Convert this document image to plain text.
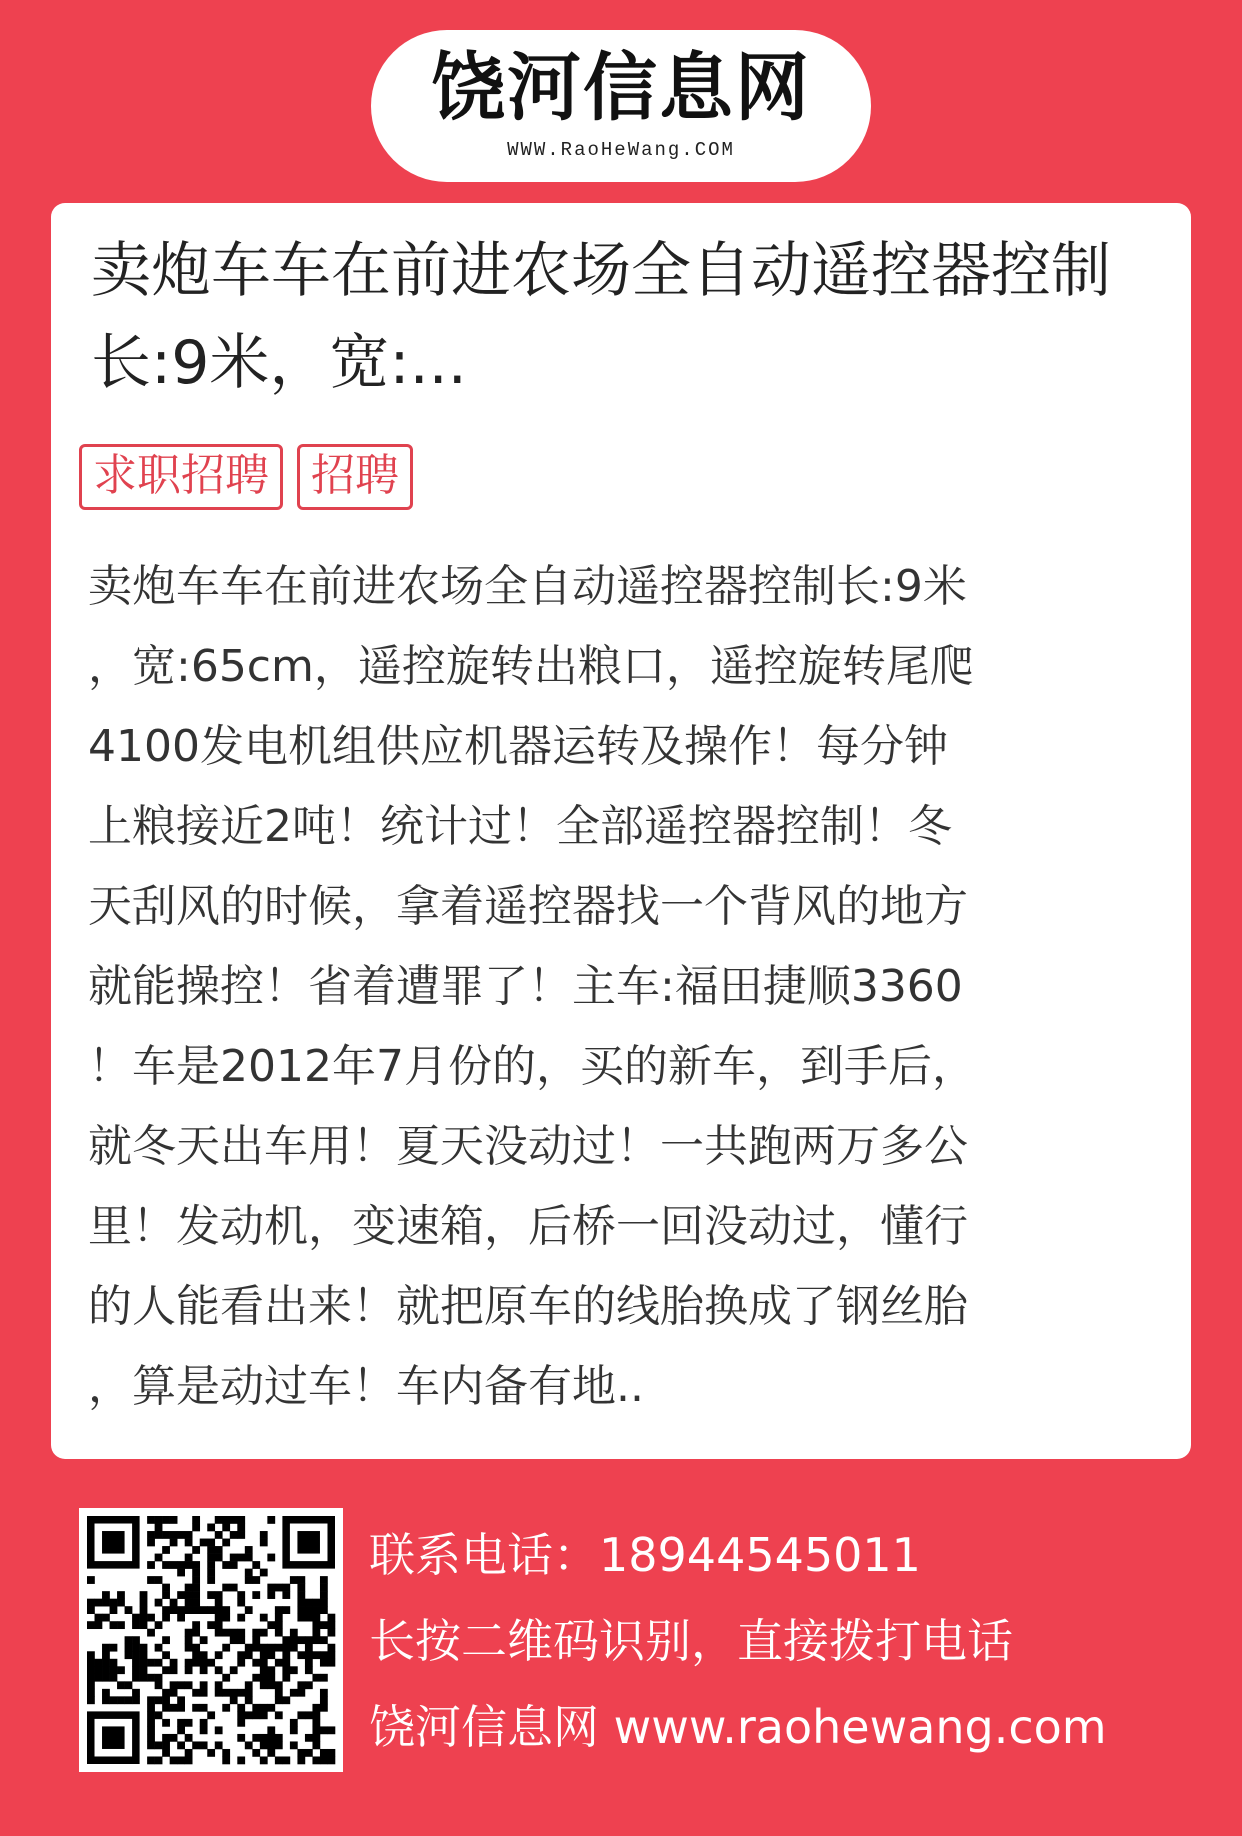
饶河信息网
WWW.RaoHeWang.COM
卖炮车车在前进农场全自动遥控器控制长:9米，宽:...
求职招聘 招聘
卖炮车车在前进农场全自动遥控器控制长:9米
，宽:65cm，遥控旋转出粮口，遥控旋转尾爬
4100发电机组供应机器运转及操作！每分钟
上粮接近2吨！统计过！全部遥控器控制！冬
天刮风的时候，拿着遥控器找一个背风的地方
就能操控！省着遭罪了！主车:福田捷顺3360
！车是2012年7月份的，买的新车，到手后，
就冬天出车用！夏天没动过！一共跑两万多公
里！发动机，变速箱，后桥一回没动过，懂行
的人能看出来！就把原车的线胎换成了钢丝胎
，算是动过车！车内备有地..
联系电话：18944545011
长按二维码识别，直接拨打电话
饶河信息网 www.raohewang.com
